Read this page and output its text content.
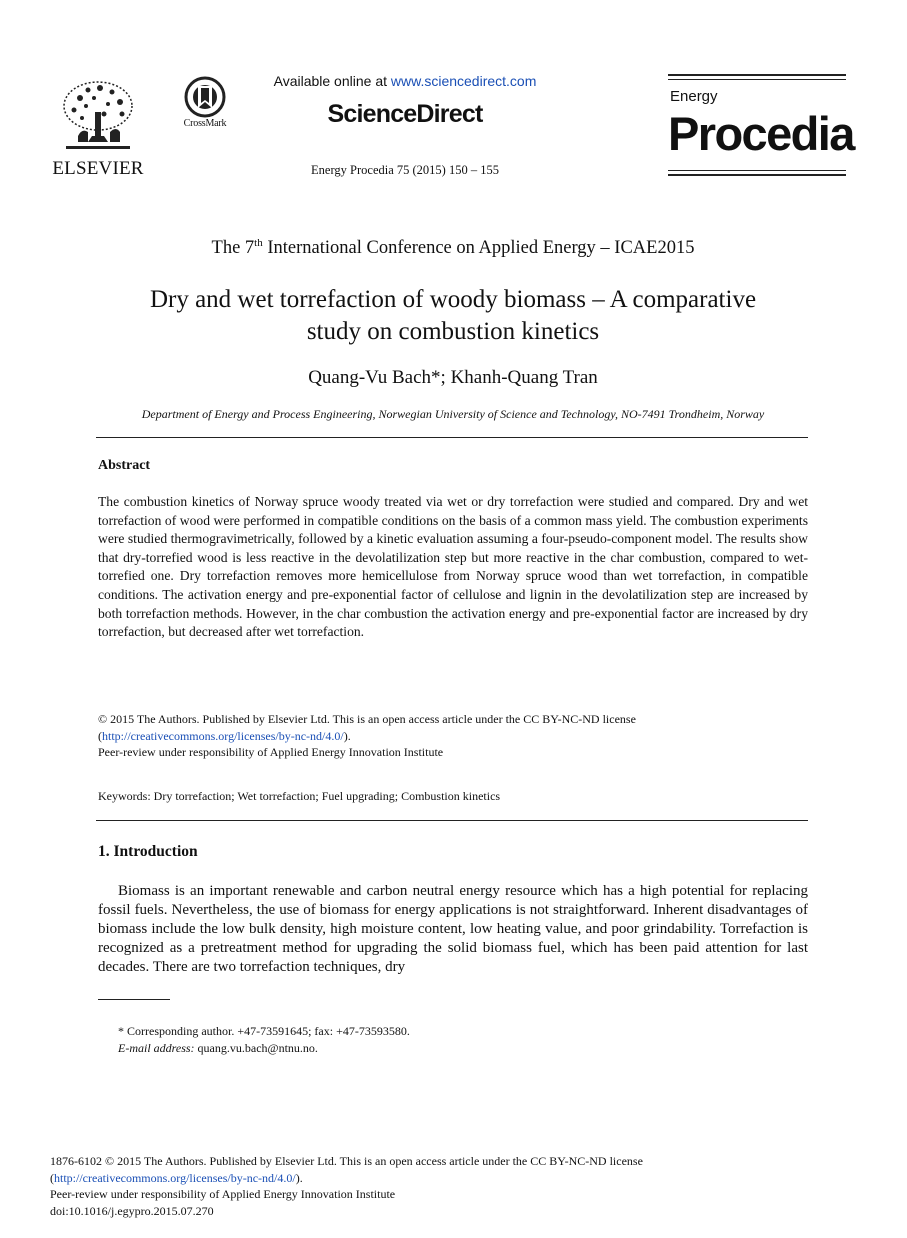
ELSEVIER
CrossMark
Available online at www.sciencedirect.com
ScienceDirect
Energy Procedia 75 (2015) 150 – 155
Energy
Procedia
The 7th International Conference on Applied Energy – ICAE2015
Dry and wet torrefaction of woody biomass – A comparative
study on combustion kinetics
Quang-Vu Bach*; Khanh-Quang Tran
Department of Energy and Process Engineering, Norwegian University of Science and Technology, NO-7491 Trondheim, Norway
Abstract
The combustion kinetics of Norway spruce woody treated via wet or dry torrefaction were studied and compared. Dry and wet torrefaction of wood were performed in compatible conditions on the basis of a common mass yield. The combustion experiments were studied thermogravimetrically, followed by a kinetic evaluation assuming a four-pseudo-component model. The results show that dry-torrefied wood is less reactive in the devolatilization step but more reactive in the char combustion, compared to wet-torrefied one. Dry torrefaction removes more hemicellulose from Norway spruce wood than wet torrefaction, in compatible conditions. The activation energy and pre-exponential factor of cellulose and lignin in the devolatilization step are increased by both torrefaction methods. However, in the char combustion the activation energy and pre-exponential factor are increased by dry torrefaction, but decreased after wet torrefaction.
© 2015 The Authors. Published by Elsevier Ltd. This is an open access article under the CC BY-NC-ND license
(http://creativecommons.org/licenses/by-nc-nd/4.0/).
Peer-review under responsibility of Applied Energy Innovation Institute
Keywords: Dry torrefaction; Wet torrefaction; Fuel upgrading; Combustion kinetics
1. Introduction
Biomass is an important renewable and carbon neutral energy resource which has a high potential for replacing fossil fuels. Nevertheless, the use of biomass for energy applications is not straightforward. Inherent disadvantages of biomass include the low bulk density, high moisture content, low heating value, and poor grindability. Torrefaction is recognized as a pretreatment method for upgrading the solid biomass fuel, which has been paid attention for last decades. There are two torrefaction techniques, dry
* Corresponding author. +47-73591645; fax: +47-73593580.
E-mail address: quang.vu.bach@ntnu.no.
1876-6102 © 2015 The Authors. Published by Elsevier Ltd. This is an open access article under the CC BY-NC-ND license
(http://creativecommons.org/licenses/by-nc-nd/4.0/).
Peer-review under responsibility of Applied Energy Innovation Institute
doi:10.1016/j.egypro.2015.07.270
